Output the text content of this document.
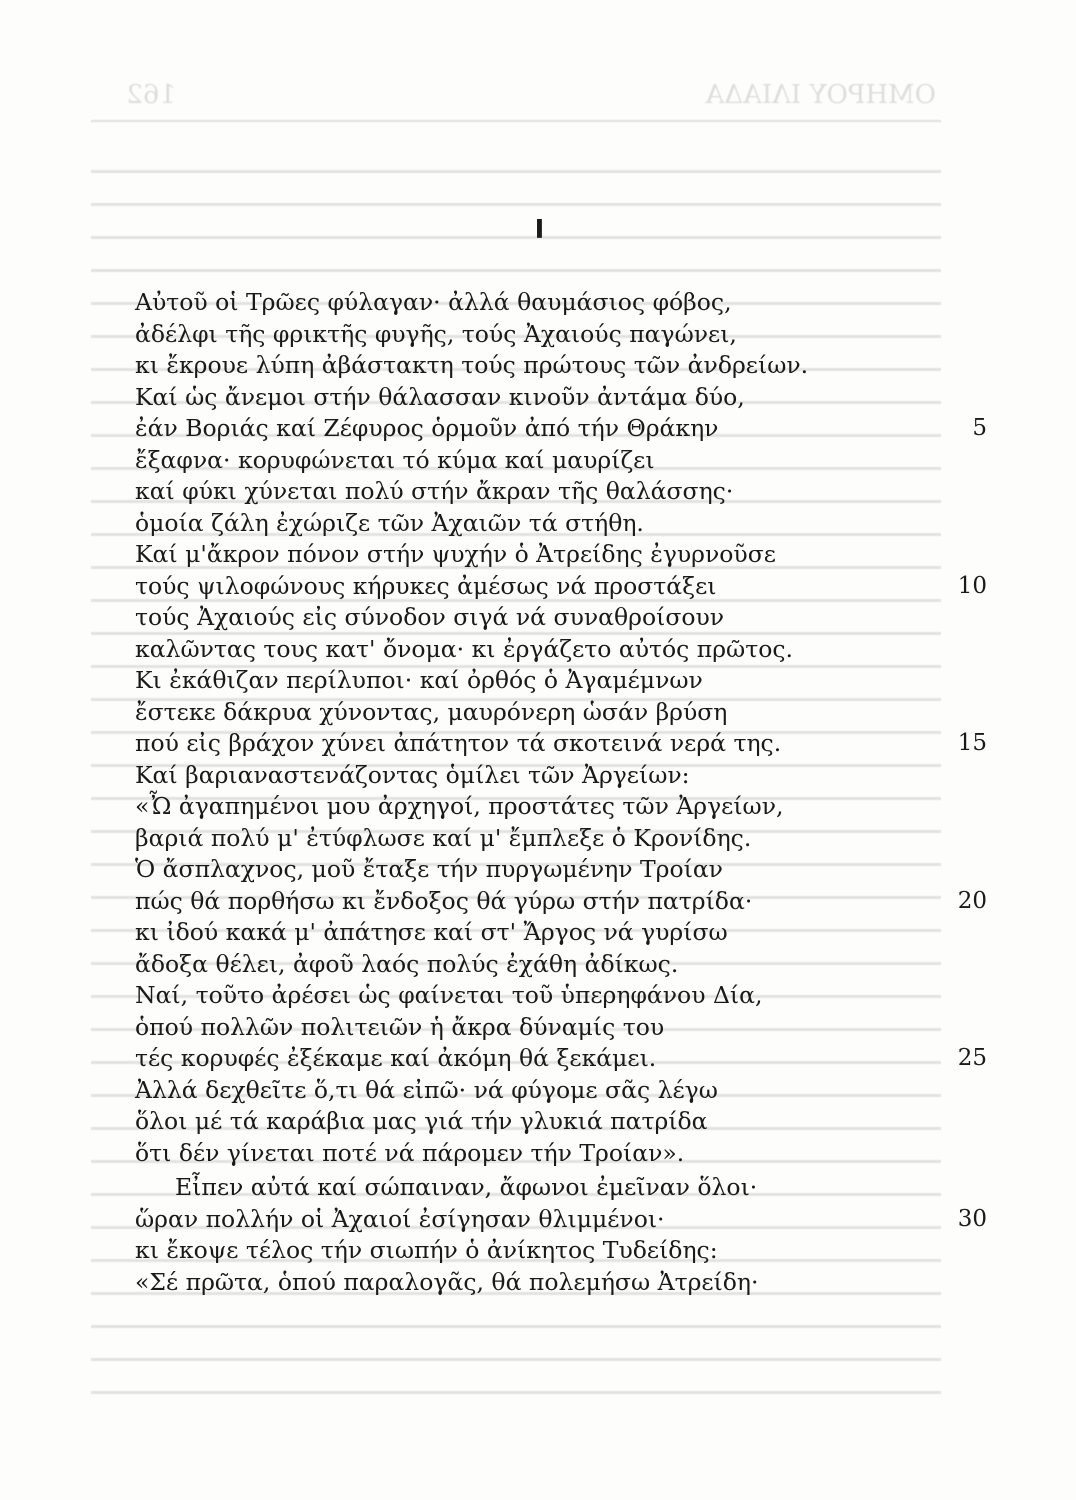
ΟΜΗΡΟΥ ΙΛΙΑΔΑ
162
Ι
Αὐτοῦ οἱ Τρῶες φύλαγαν· ἀλλά θαυμάσιος φόβος,
ἀδέλφι τῆς φρικτῆς φυγῆς, τούς Ἀχαιούς παγώνει,
κι ἔκρουε λύπη ἀβάστακτη τούς πρώτους τῶν ἀνδρείων.
Καί ὡς ἄνεμοι στήν θάλασσαν κινοῦν ἀντάμα δύο,
ἐάν Βοριάς καί Ζέφυρος ὁρμοῦν ἀπό τήν Θράκην	5
ἔξαφνα· κορυφώνεται τό κύμα καί μαυρίζει
καί φύκι χύνεται πολύ στήν ἄκραν τῆς θαλάσσης·
ὁμοία ζάλη ἐχώριζε τῶν Ἀχαιῶν τά στήθη.
Καί μ'ἄκρον πόνον στήν ψυχήν ὁ Ἀτρείδης ἐγυρνοῦσε
τούς ψιλοφώνους κήρυκες ἀμέσως νά προστάξει	10
τούς Ἀχαιούς εἰς σύνοδον σιγά νά συναθροίσουν
καλῶντας τους κατ' ὄνομα· κι ἐργάζετο αὐτός πρῶτος.
Κι ἐκάθιζαν περίλυποι· καί ὀρθός ὁ Ἀγαμέμνων
ἔστεκε δάκρυα χύνοντας, μαυρόνερη ὡσάν βρύση
πού εἰς βράχον χύνει ἀπάτητον τά σκοτεινά νερά της.	15
Καί βαριαναστενάζοντας ὁμίλει τῶν Ἀργείων:
«Ὦ ἀγαπημένοι μου ἀρχηγοί, προστάτες τῶν Ἀργείων,
βαριά πολύ μ' ἐτύφλωσε καί μ' ἔμπλεξε ὁ Κρονίδης.
Ὁ ἄσπλαχνος, μοῦ ἔταξε τήν πυργωμένην Τροίαν
πώς θά πορθήσω κι ἔνδοξος θά γύρω στήν πατρίδα·	20
κι ἰδού κακά μ' ἀπάτησε καί στ' Ἄργος νά γυρίσω
ἄδοξα θέλει, ἀφοῦ λαός πολύς ἐχάθη ἀδίκως.
Ναί, τοῦτο ἀρέσει ὡς φαίνεται τοῦ ὑπερηφάνου Δία,
ὁπού πολλῶν πολιτειῶν ἡ ἄκρα δύναμίς του
τές κορυφές ἐξέκαμε καί ἀκόμη θά ξεκάμει.	25
Ἀλλά δεχθεῖτε ὅ,τι θά εἰπῶ· νά φύγομε σᾶς λέγω
ὅλοι μέ τά καράβια μας γιά τήν γλυκιά πατρίδα
ὅτι δέν γίνεται ποτέ νά πάρομεν τήν Τροίαν».
Εἶπεν αὐτά καί σώπαιναν, ἄφωνοι ἐμεῖναν ὅλοι·
ὥραν πολλήν οἱ Ἀχαιοί ἐσίγησαν θλιμμένοι·	30
κι ἔκοψε τέλος τήν σιωπήν ὁ ἀνίκητος Τυδείδης:
«Σέ πρῶτα, ὁπού παραλογᾶς, θά πολεμήσω Ἀτρείδη·
